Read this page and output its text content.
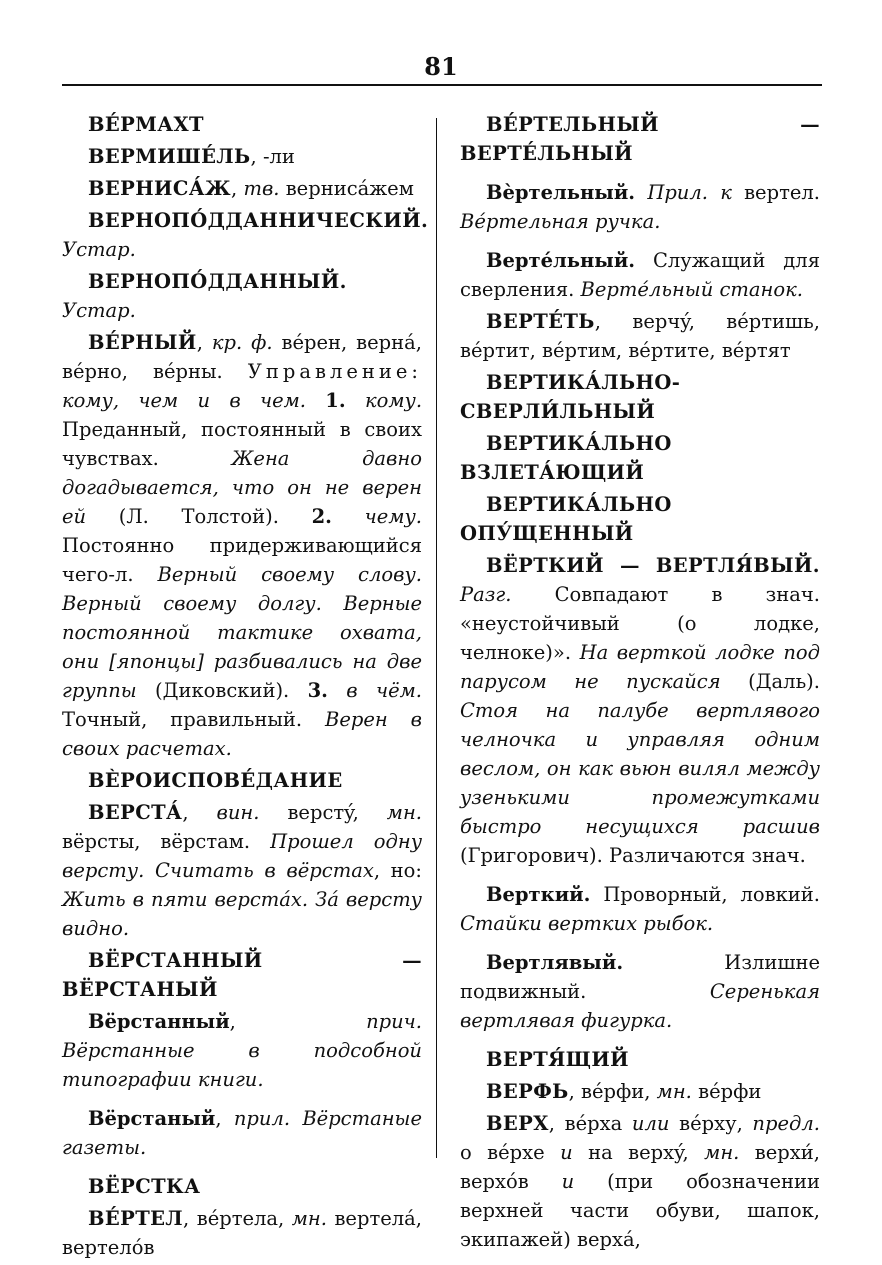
81

ВЕ́РМАХТ

ВЕРМИШЕ́ЛЬ, -ли

ВЕРНИСА́Ж, тв. вернисáжем

ВЕРНОПО́ДДАННИЧЕСКИЙ. Устар.

ВЕРНОПО́ДДАННЫЙ. Устар.

ВЕ́РНЫЙ, кр. ф. вéрен, вернá, вéрно, вéрны. Управление: кому, чем и в чем. 1. кому. Преданный, постоянный в своих чувствах. Жена давно догадывается, что он не верен ей (Л. Толстой). 2. чему. Постоянно придерживающийся чего-л. Верный своему слову. Верный своему долгу. Верные постоянной тактике охвата, они [японцы] разбивались на две группы (Диковский). 3. в чём. Точный, правильный. Верен в своих расчетах.

ВЀРОИСПОВЕ́ДАНИЕ

ВЕРСТА́, вин. верстý, мн. вёрсты, вёрстам. Прошел одну версту. Считать в вёрстах, но: Жить в пяти верстáх. Зá версту видно.

ВЁРСТАННЫЙ — ВЁРСТАНЫЙ

Вёрстанный, прич. Вёрстанные в подсобной типографии книги.

Вёрстаный, прил. Вёрстаные газеты.

ВЁРСТКА

ВЕ́РТЕЛ, вéртела, мн. вертелá, вертелóв

ВЕ́РТЕЛЬНЫЙ — ВЕРТЕ́ЛЬНЫЙ

Вѐртельный. Прил. к вертел. Ве́ртельная ручка.

Верте́льный. Служащий для сверления. Верте́льный станок.

ВЕРТЕ́ТЬ, верчý, вéртишь, вéртит, вéртим, вéртите, вéртят

ВЕРТИКА́ЛЬНО-СВЕРЛИ́ЛЬНЫЙ

ВЕРТИКА́ЛЬНО ВЗЛЕТА́ЮЩИЙ

ВЕРТИКА́ЛЬНО ОПУ́ЩЕННЫЙ

ВЁРТКИЙ — ВЕРТЛЯ́ВЫЙ. Разг. Совпадают в знач. «неустойчивый (о лодке, челноке)». На верткой лодке под парусом не пускайся (Даль). Стоя на палубе вертлявого челночка и управляя одним веслом, он как вьюн вилял между узенькими промежутками быстро несущихся расшив (Григорович). Различаются знач.

Верткий. Проворный, ловкий. Стайки вертких рыбок.

Вертлявый. Излишне подвижный. Серенькая вертлявая фигурка.

ВЕРТЯ́ЩИЙ

ВЕРФЬ, вéрфи, мн. вéрфи

ВЕРХ, вéрха или вéрху, предл. о вéрхе и на верхý, мн. верхи́, верхóв и (при обозначении верхней части обуви, шапок, экипажей) верхá,
